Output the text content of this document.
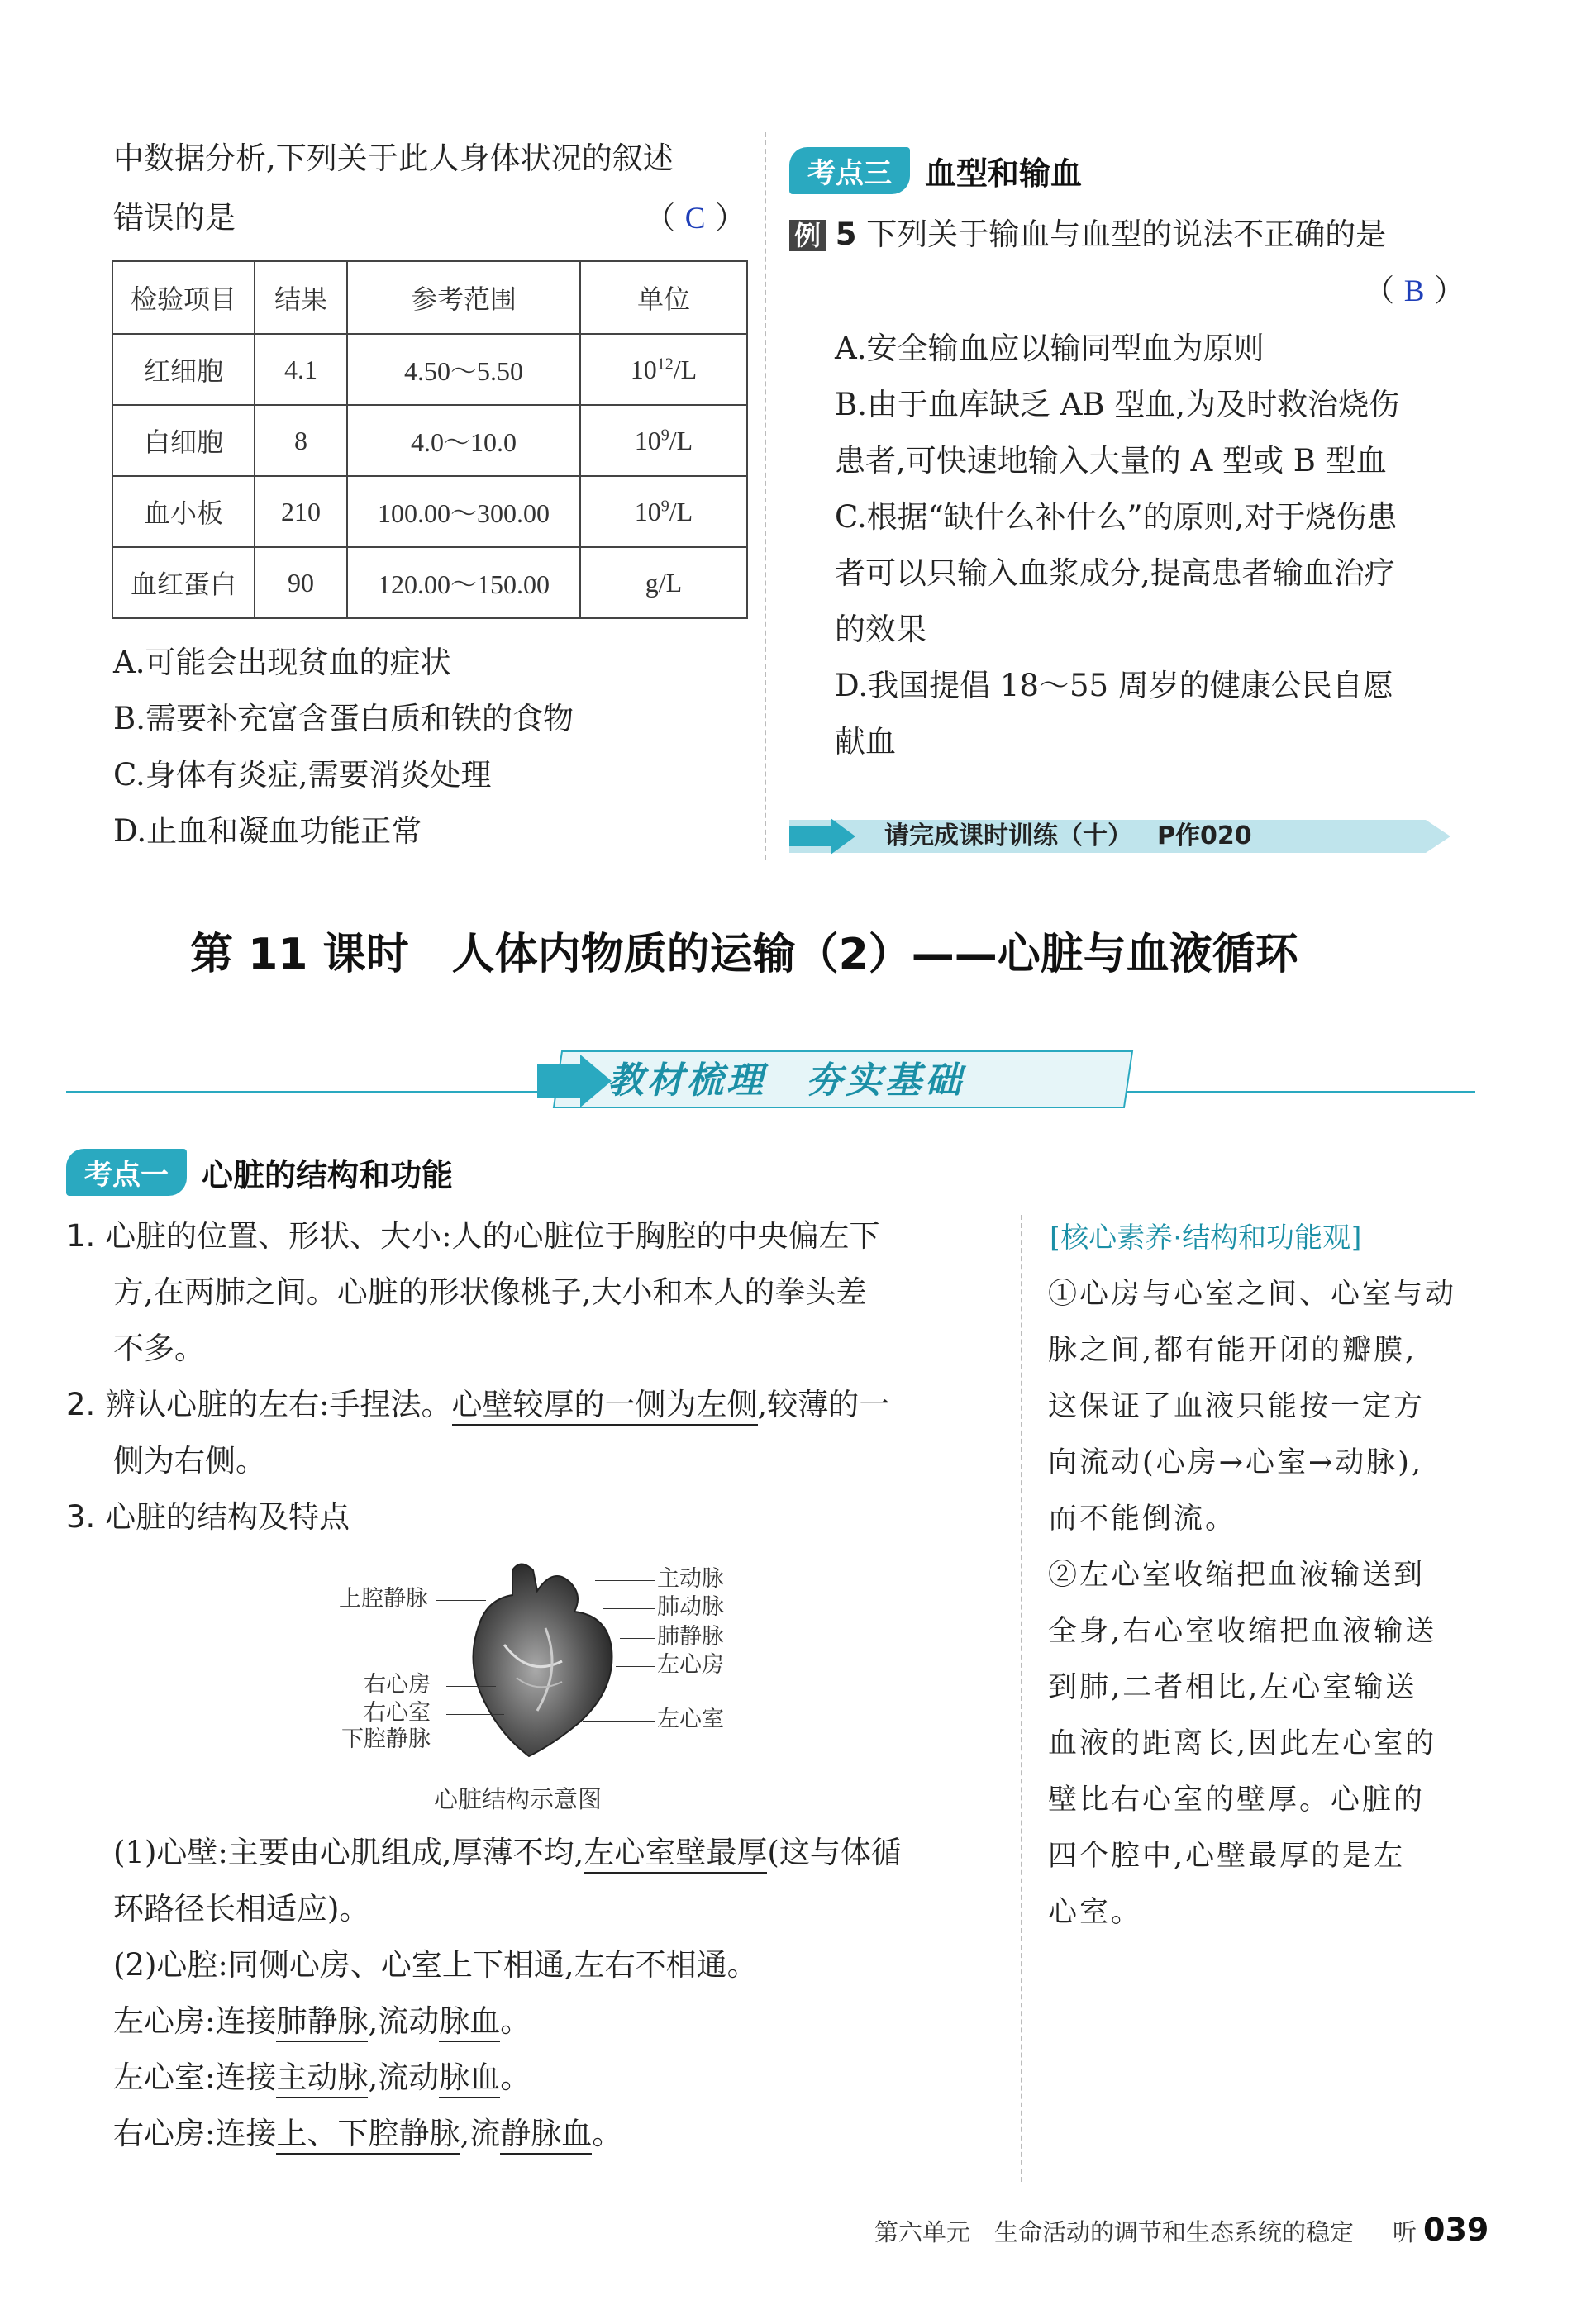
中数据分析,下列关于此人身体状况的叙述
错误的是	（ C ）
检验项目	结果	参考范围	单位
红细胞	4.1	4.50～5.50	$10^{12}/L$
白细胞	8	4.0～10.0	$10^9/L$
血小板	210	100.00～300.00	$10^9/L$
血红蛋白	90	120.00～150.00	g/L
A.可能会出现贫血的症状
B.需要补充富含蛋白质和铁的食物
C.身体有炎症,需要消炎处理
D.止血和凝血功能正常
考点三	血型和输血
例 5 下列关于输血与血型的说法不正确的是
（ B ）
A.安全输血应以输同型血为原则
B.由于血库缺乏 AB 型血,为及时救治烧伤
患者,可快速地输入大量的 A 型或 B 型血
C.根据“缺什么补什么”的原则,对于烧伤患
者可以只输入血浆成分,提高患者输血治疗
的效果
D.我国提倡 18～55 周岁的健康公民自愿
献血
请完成课时训练（十） P作020
第 11 课时　人体内物质的运输（2）——心脏与血液循环
教材梳理　夯实基础
考点一	心脏的结构和功能
1. 心脏的位置、形状、大小:人的心脏位于胸腔的中央偏左下
方,在两肺之间。心脏的形状像桃子,大小和本人的拳头差
不多。
2. 辨认心脏的左右:手捏法。心壁较厚的一侧为左侧,较薄的一
侧为右侧。
3. 心脏的结构及特点
上腔静脉
右心房
右心室
下腔静脉
主动脉
肺动脉
肺静脉
左心房
左心室
心脏结构示意图
(1)心壁:主要由心肌组成,厚薄不均,左心室壁最厚(这与体循
环路径长相适应)。
(2)心腔:同侧心房、心室上下相通,左右不相通。
左心房:连接肺静脉,流动脉血。
左心室:连接主动脉,流动脉血。
右心房:连接上、下腔静脉,流静脉血。
[核心素养·结构和功能观]
①心房与心室之间、心室与动
脉之间,都有能开闭的瓣膜,
这保证了血液只能按一定方
向流动(心房→心室→动脉),
而不能倒流。
②左心室收缩把血液输送到
全身,右心室收缩把血液输送
到肺,二者相比,左心室输送
血液的距离长,因此左心室的
壁比右心室的壁厚。心脏的
四个腔中,心壁最厚的是左
心室。
第六单元　生命活动的调节和生态系统的稳定 听 039
